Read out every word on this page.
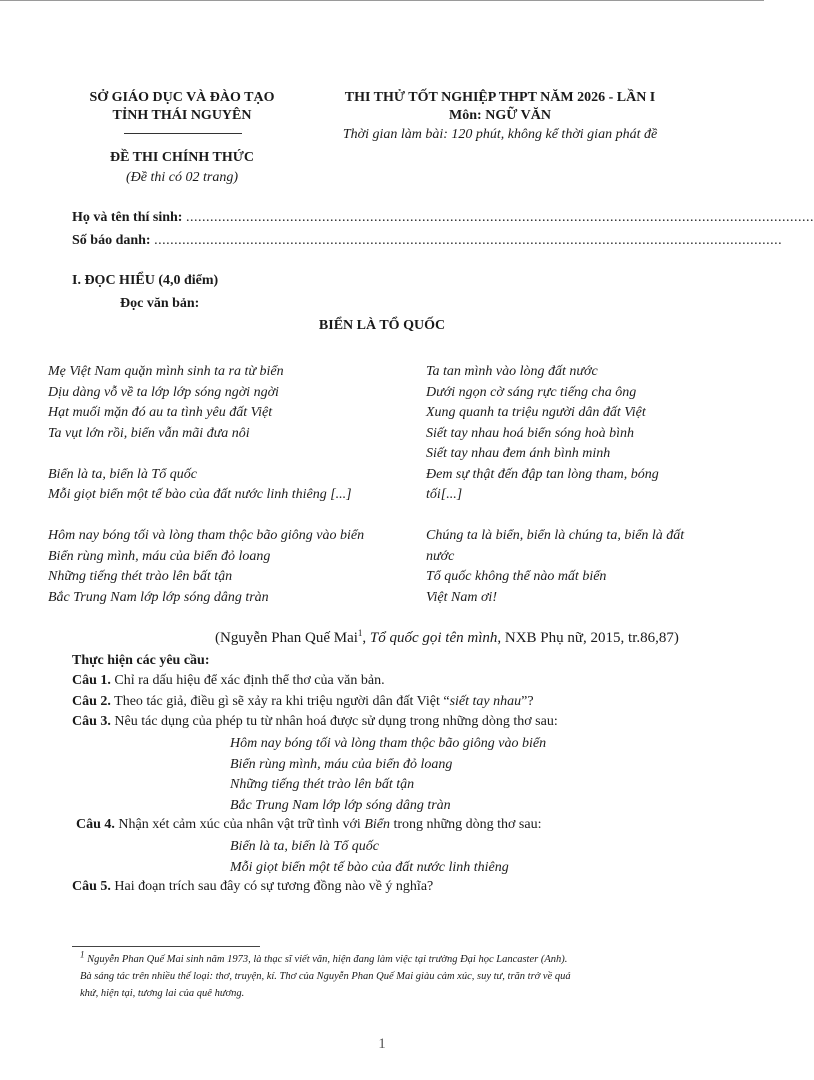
SỞ GIÁO DỤC VÀ ĐÀO TẠO
TỈNH THÁI NGUYÊN
ĐỀ THI CHÍNH THỨC
(Đề thi có 02 trang)
THI THỬ TỐT NGHIỆP THPT NĂM 2026 - LẦN I
Môn: NGỮ VĂN
Thời gian làm bài: 120 phút, không kể thời gian phát đề
Họ và tên thí sinh: .............................................................................................................................................................
Số báo danh: .............................................................................................................................................................
I. ĐỌC HIỂU (4,0 điểm)
Đọc văn bản:
BIỂN LÀ TỔ QUỐC
Mẹ Việt Nam quặn mình sinh ta ra từ biển
Dịu dàng vỗ về ta lớp lớp sóng ngời ngời
Hạt muối mặn đó au ta tình yêu đất Việt
Ta vụt lớn rồi, biển vẫn mãi đưa nôi
Biển là ta, biển là Tổ quốc
Mỗi giọt biển một tế bào của đất nước linh thiêng [...]
Hôm nay bóng tối và lòng tham thộc bão giông vào biển
Biển rùng mình, máu của biển đỏ loang
Những tiếng thét trào lên bất tận
Bắc Trung Nam lớp lớp sóng dâng tràn
Ta tan mình vào lòng đất nước
Dưới ngọn cờ sáng rực tiếng cha ông
Xung quanh ta triệu người dân đất Việt
Siết tay nhau hoá biển sóng hoà bình
Siết tay nhau đem ánh bình minh
Đem sự thật đến đập tan lòng tham, bóng
tối[...]
Chúng ta là biển, biển là chúng ta, biển là đất
nước
Tổ quốc không thể nào mất biển
Việt Nam ơi!
(Nguyễn Phan Quế Mai$^1$, Tổ quốc gọi tên mình, NXB Phụ nữ, 2015, tr.86,87)
Thực hiện các yêu cầu:
Câu 1. Chỉ ra dấu hiệu để xác định thể thơ của văn bản.
Câu 2. Theo tác giả, điều gì sẽ xảy ra khi triệu người dân đất Việt “siết tay nhau”?
Câu 3. Nêu tác dụng của phép tu từ nhân hoá được sử dụng trong những dòng thơ sau:
Hôm nay bóng tối và lòng tham thộc bão giông vào biển
Biển rùng mình, máu của biển đỏ loang
Những tiếng thét trào lên bất tận
Bắc Trung Nam lớp lớp sóng dâng tràn
Câu 4. Nhận xét cảm xúc của nhân vật trữ tình với Biển trong những dòng thơ sau:
Biển là ta, biển là Tổ quốc
Mỗi giọt biển một tế bào của đất nước linh thiêng
Câu 5. Hai đoạn trích sau đây có sự tương đồng nào về ý nghĩa?
$^1$ Nguyễn Phan Quế Mai sinh năm 1973, là thạc sĩ viết văn, hiện đang làm việc tại trường Đại học Lancaster (Anh).
Bà sáng tác trên nhiều thể loại: thơ, truyện, kí. Thơ của Nguyễn Phan Quế Mai giàu cảm xúc, suy tư, trăn trở về quá
khứ, hiện tại, tương lai của quê hương.
1
